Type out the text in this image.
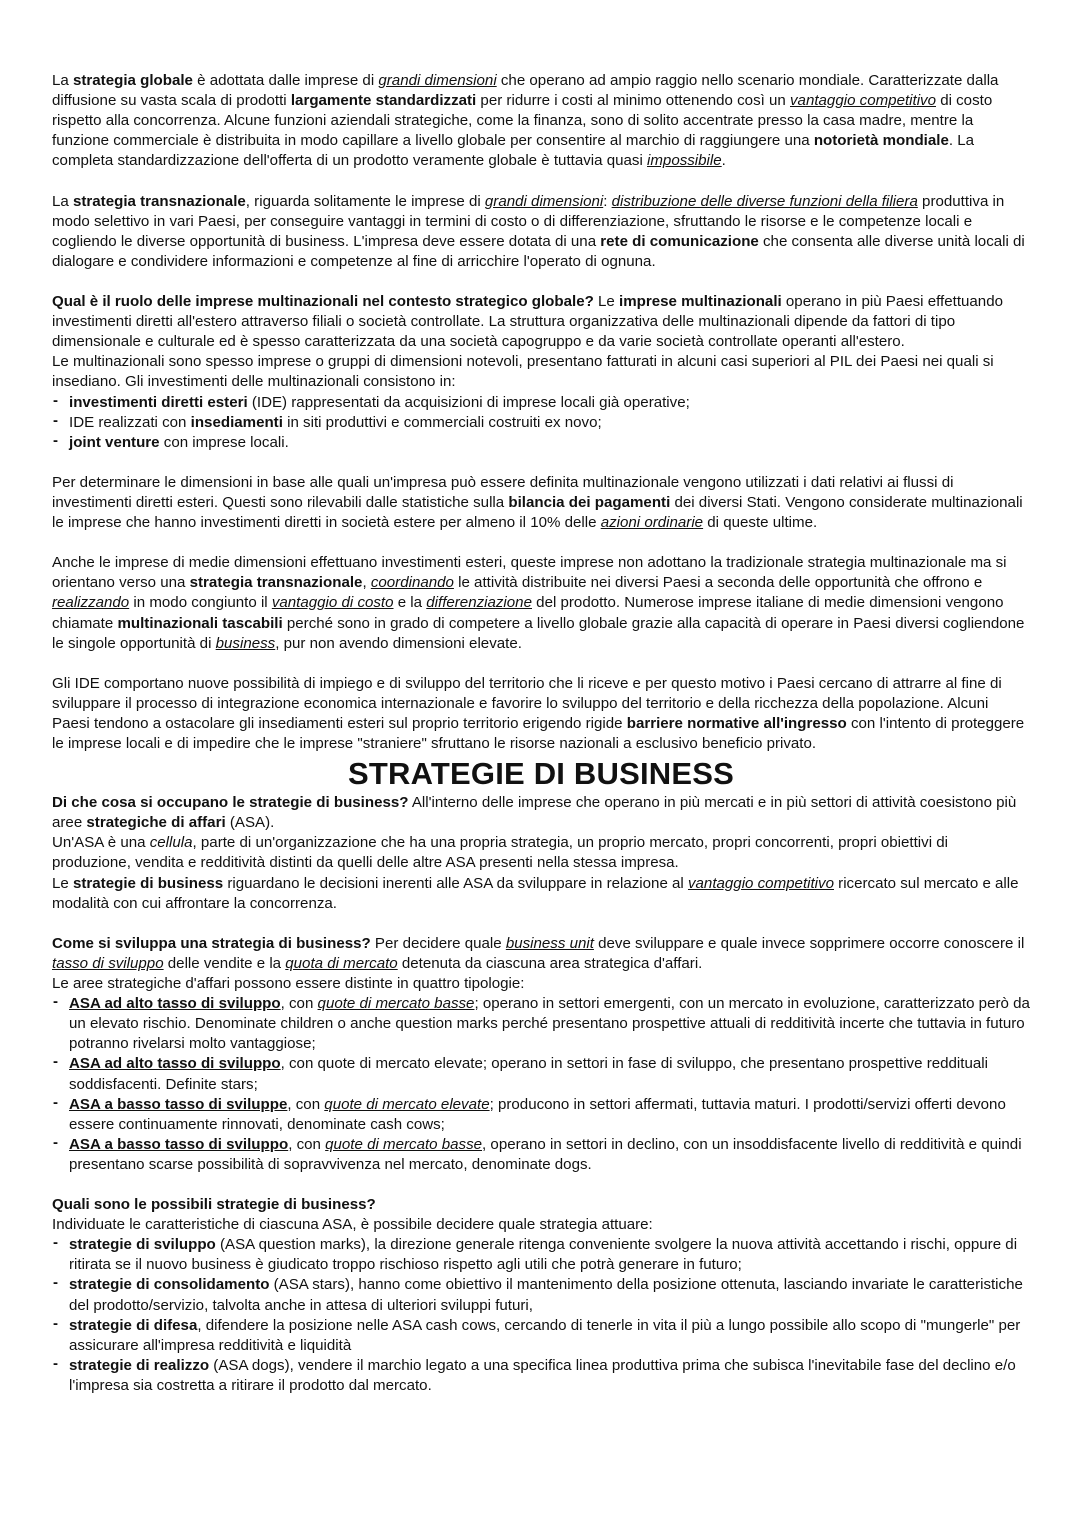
La strategia globale è adottata dalle imprese di grandi dimensioni che operano ad ampio raggio nello scenario mondiale. Caratterizzate dalla diffusione su vasta scala di prodotti largamente standardizzati per ridurre i costi al minimo ottenendo così un vantaggio competitivo di costo rispetto alla concorrenza. Alcune funzioni aziendali strategiche, come la finanza, sono di solito accentrate presso la casa madre, mentre la funzione commerciale è distribuita in modo capillare a livello globale per consentire al marchio di raggiungere una notorietà mondiale. La completa standardizzazione dell'offerta di un prodotto veramente globale è tuttavia quasi impossibile.

La strategia transnazionale, riguarda solitamente le imprese di grandi dimensioni: distribuzione delle diverse funzioni della filiera produttiva in modo selettivo in vari Paesi, per conseguire vantaggi in termini di costo o di differenziazione, sfruttando le risorse e le competenze locali e cogliendo le diverse opportunità di business. L'impresa deve essere dotata di una rete di comunicazione che consenta alle diverse unità locali di dialogare e condividere informazioni e competenze al fine di arricchire l'operato di ognuna.

Qual è il ruolo delle imprese multinazionali nel contesto strategico globale? Le imprese multinazionali operano in più Paesi effettuando investimenti diretti all'estero attraverso filiali o società controllate. La struttura organizzativa delle multinazionali dipende da fattori di tipo dimensionale e culturale ed è spesso caratterizzata da una società capogruppo e da varie società controllate operanti all'estero.

Le multinazionali sono spesso imprese o gruppi di dimensioni notevoli, presentano fatturati in alcuni casi superiori al PIL dei Paesi nei quali si insediano. Gli investimenti delle multinazionali consistono in:

- investimenti diretti esteri (IDE) rappresentati da acquisizioni di imprese locali già operative;
- IDE realizzati con insediamenti in siti produttivi e commerciali costruiti ex novo;
- joint venture con imprese locali.

Per determinare le dimensioni in base alle quali un'impresa può essere definita multinazionale vengono utilizzati i dati relativi ai flussi di investimenti diretti esteri. Questi sono rilevabili dalle statistiche sulla bilancia dei pagamenti dei diversi Stati. Vengono considerate multinazionali le imprese che hanno investimenti diretti in società estere per almeno il 10% delle azioni ordinarie di queste ultime.

Anche le imprese di medie dimensioni effettuano investimenti esteri, queste imprese non adottano la tradizionale strategia multinazionale ma si orientano verso una strategia transnazionale, coordinando le attività distribuite nei diversi Paesi a seconda delle opportunità che offrono e realizzando in modo congiunto il vantaggio di costo e la differenziazione del prodotto. Numerose imprese italiane di medie dimensioni vengono chiamate multinazionali tascabili perché sono in grado di competere a livello globale grazie alla capacità di operare in Paesi diversi cogliendone le singole opportunità di business, pur non avendo dimensioni elevate.

Gli IDE comportano nuove possibilità di impiego e di sviluppo del territorio che li riceve e per questo motivo i Paesi cercano di attrarre al fine di sviluppare il processo di integrazione economica internazionale e favorire lo sviluppo del territorio e della ricchezza della popolazione. Alcuni Paesi tendono a ostacolare gli insediamenti esteri sul proprio territorio erigendo rigide barriere normative all'ingresso con l'intento di proteggere le imprese locali e di impedire che le imprese "straniere" sfruttano le risorse nazionali a esclusivo beneficio privato.

STRATEGIE DI BUSINESS

Di che cosa si occupano le strategie di business? All'interno delle imprese che operano in più mercati e in più settori di attività coesistono più aree strategiche di affari (ASA).

Un'ASA è una cellula, parte di un'organizzazione che ha una propria strategia, un proprio mercato, propri concorrenti, propri obiettivi di produzione, vendita e redditività distinti da quelli delle altre ASA presenti nella stessa impresa.

Le strategie di business riguardano le decisioni inerenti alle ASA da sviluppare in relazione al vantaggio competitivo ricercato sul mercato e alle modalità con cui affrontare la concorrenza.

Come si sviluppa una strategia di business? Per decidere quale business unit deve sviluppare e quale invece sopprimere occorre conoscere il tasso di sviluppo delle vendite e la quota di mercato detenuta da ciascuna area strategica d'affari.

Le aree strategiche d'affari possono essere distinte in quattro tipologie:

- ASA ad alto tasso di sviluppo, con quote di mercato basse; operano in settori emergenti, con un mercato in evoluzione, caratterizzato però da un elevato rischio. Denominate children o anche question marks perché presentano prospettive attuali di redditività incerte che tuttavia in futuro potranno rivelarsi molto vantaggiose;
- ASA ad alto tasso di sviluppo, con quote di mercato elevate; operano in settori in fase di sviluppo, che presentano prospettive reddituali soddisfacenti. Definite stars;
- ASA a basso tasso di sviluppe, con quote di mercato elevate; producono in settori affermati, tuttavia maturi. I prodotti/servizi offerti devono essere continuamente rinnovati, denominate cash cows;
- ASA a basso tasso di sviluppo, con quote di mercato basse, operano in settori in declino, con un insoddisfacente livello di redditività e quindi presentano scarse possibilità di sopravvivenza nel mercato, denominate dogs.

Quali sono le possibili strategie di business?

Individuate le caratteristiche di ciascuna ASA, è possibile decidere quale strategia attuare:

- strategie di sviluppo (ASA question marks), la direzione generale ritenga conveniente svolgere la nuova attività accettando i rischi, oppure di ritirata se il nuovo business è giudicato troppo rischioso rispetto agli utili che potrà generare in futuro;
- strategie di consolidamento (ASA stars), hanno come obiettivo il mantenimento della posizione ottenuta, lasciando invariate le caratteristiche del prodotto/servizio, talvolta anche in attesa di ulteriori sviluppi futuri,
- strategie di difesa, difendere la posizione nelle ASA cash cows, cercando di tenerle in vita il più a lungo possibile allo scopo di "mungerle" per assicurare all'impresa redditività e liquidità
- strategie di realizzo (ASA dogs), vendere il marchio legato a una specifica linea produttiva prima che subisca l'inevitabile fase del declino e/o l'impresa sia costretta a ritirare il prodotto dal mercato.
